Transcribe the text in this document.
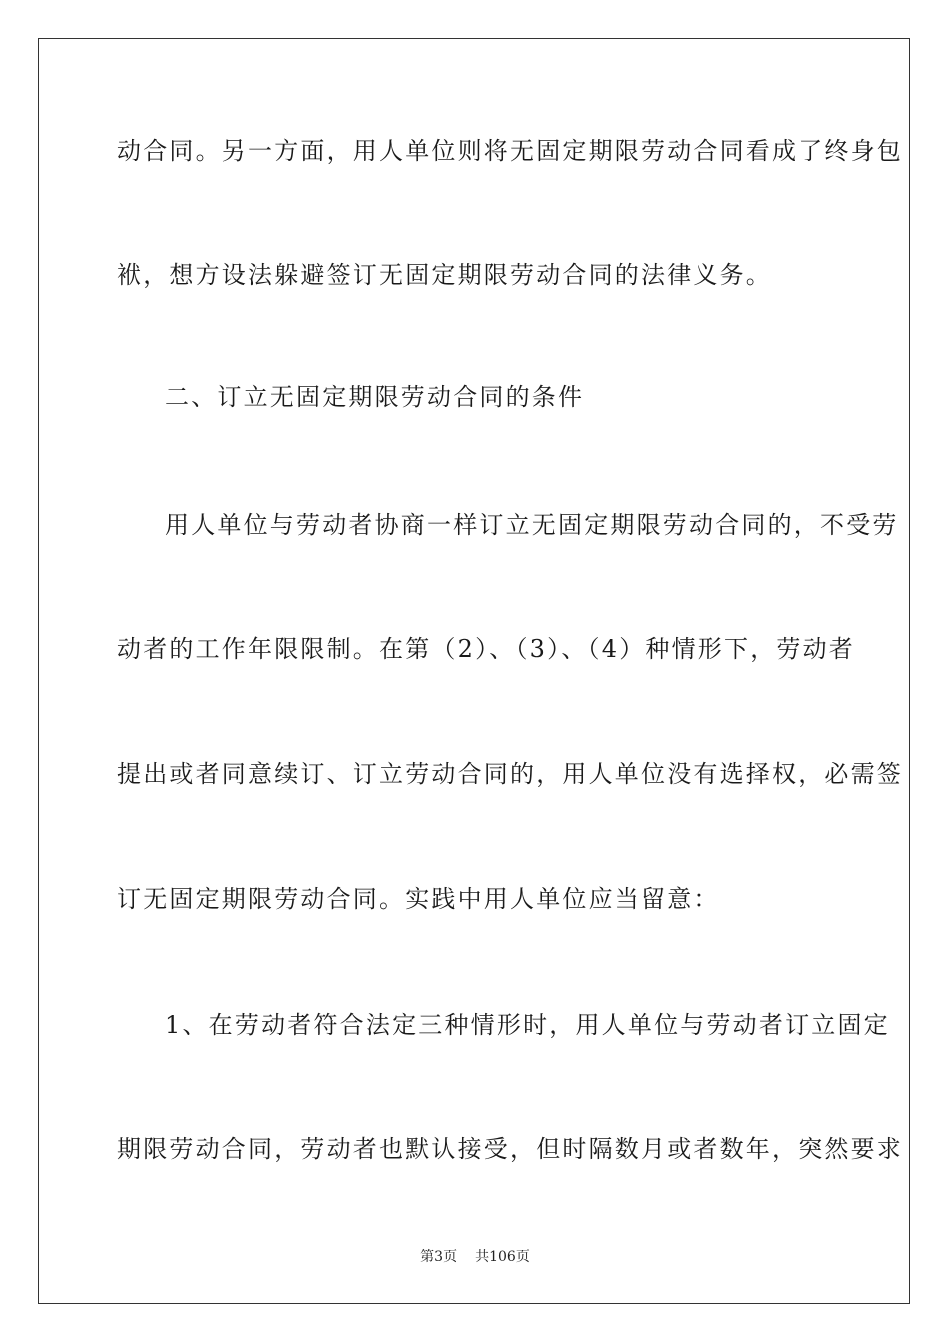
动合同。另一方面，用人单位则将无固定期限劳动合同看成了终身包
袱，想方设法躲避签订无固定期限劳动合同的法律义务。
二、订立无固定期限劳动合同的条件
用人单位与劳动者协商一样订立无固定期限劳动合同的，不受劳
动者的工作年限限制。在第（2）、（3）、（4）种情形下，劳动者
提出或者同意续订、订立劳动合同的，用人单位没有选择权，必需签
订无固定期限劳动合同。实践中用人单位应当留意：
1、在劳动者符合法定三种情形时，用人单位与劳动者订立固定
期限劳动合同，劳动者也默认接受，但时隔数月或者数年，突然要求
第3页 共106页
